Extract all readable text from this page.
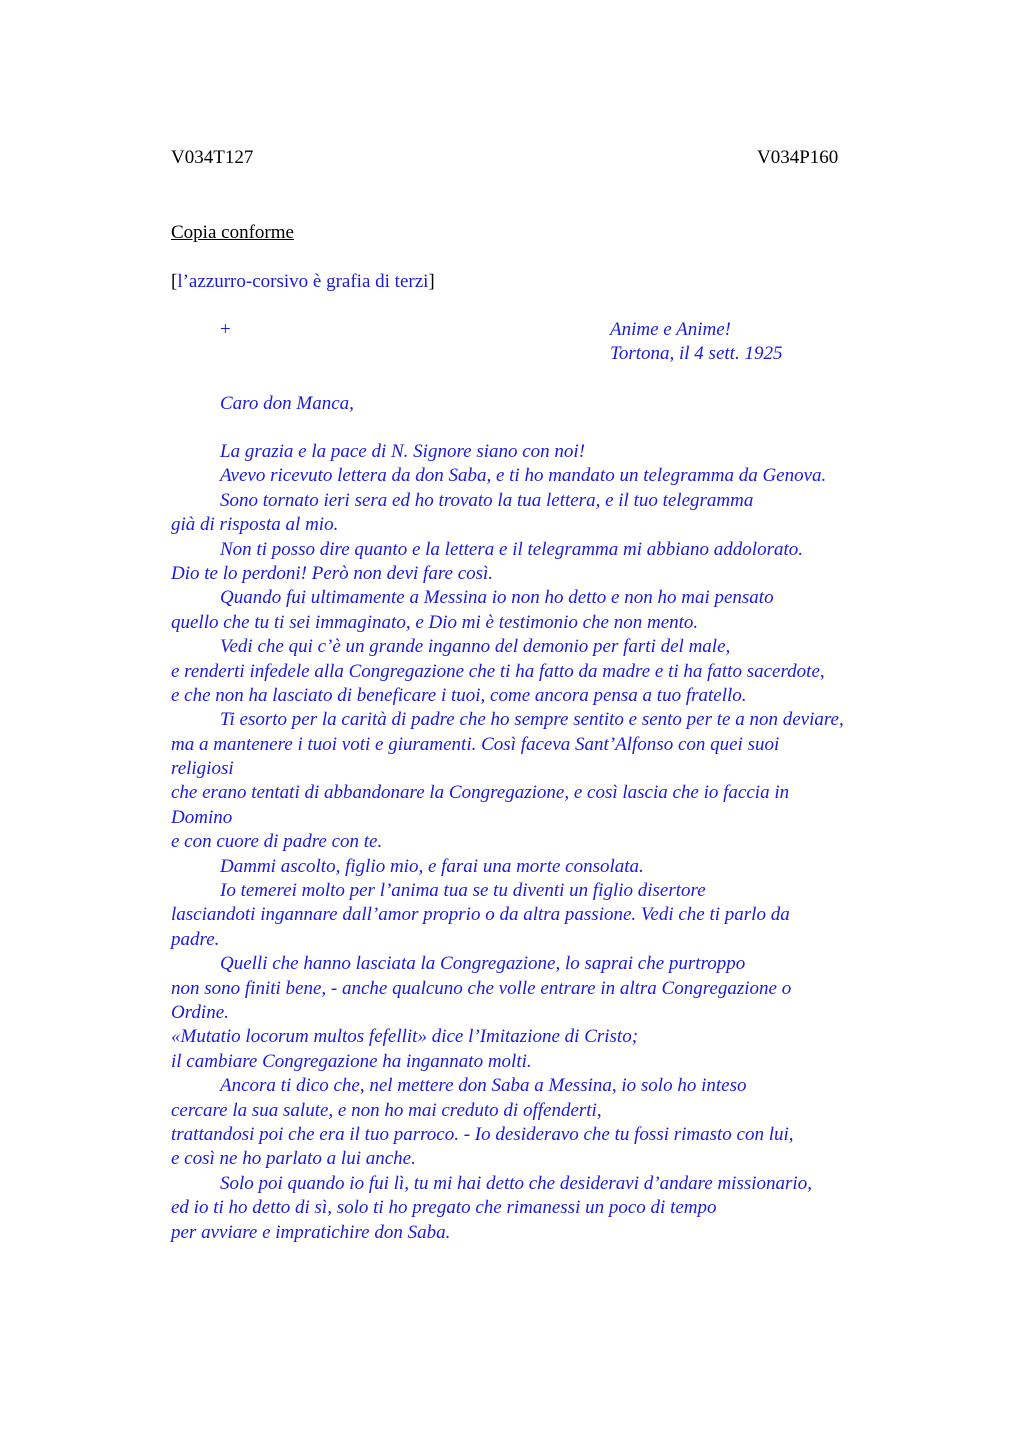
V034T127	V034P160
Copia conforme
[l’azzurro-corsivo è grafia di terzi]
+	Anime e Anime!
Tortona, il 4 sett. 1925
Caro don Manca,
La grazia e la pace di N. Signore siano con noi!
Avevo ricevuto lettera da don Saba, e ti ho mandato un telegramma da Genova.
Sono tornato ieri sera ed ho trovato la tua lettera, e il tuo telegramma
già di risposta al mio.
Non ti posso dire quanto e la lettera e il telegramma mi abbiano addolorato.
Dio te lo perdoni! Però non devi fare così.
Quando fui ultimamente a Messina io non ho detto e non ho mai pensato
quello che tu ti sei immaginato, e Dio mi è testimonio che non mento.
Vedi che qui c’è un grande inganno del demonio per farti del male,
e renderti infedele alla Congregazione che ti ha fatto da madre e ti ha fatto sacerdote,
e che non ha lasciato di beneficare i tuoi, come ancora pensa a tuo fratello.
Ti esorto per la carità di padre che ho sempre sentito e sento per te a non deviare,
ma a mantenere i tuoi voti e giuramenti. Così faceva Sant’Alfonso con quei suoi
religiosi
che erano tentati di abbandonare la Congregazione, e così lascia che io faccia in
Domino
e con cuore di padre con te.
Dammi ascolto, figlio mio, e farai una morte consolata.
Io temerei molto per l’anima tua se tu diventi un figlio disertore
lasciandoti ingannare dall’amor proprio o da altra passione. Vedi che ti parlo da
padre.
Quelli che hanno lasciata la Congregazione, lo saprai che purtroppo
non sono finiti bene, - anche qualcuno che volle entrare in altra Congregazione o
Ordine.
«Mutatio locorum multos fefellit» dice l’Imitazione di Cristo;
il cambiare Congregazione ha ingannato molti.
Ancora ti dico che, nel mettere don Saba a Messina, io solo ho inteso
cercare la sua salute, e non ho mai creduto di offenderti,
trattandosi poi che era il tuo parroco. - Io desideravo che tu fossi rimasto con lui,
e così ne ho parlato a lui anche.
Solo poi quando io fui lì, tu mi hai detto che desideravi d’andare missionario,
ed io ti ho detto di sì, solo ti ho pregato che rimanessi un poco di tempo
per avviare e impratichire don Saba.
